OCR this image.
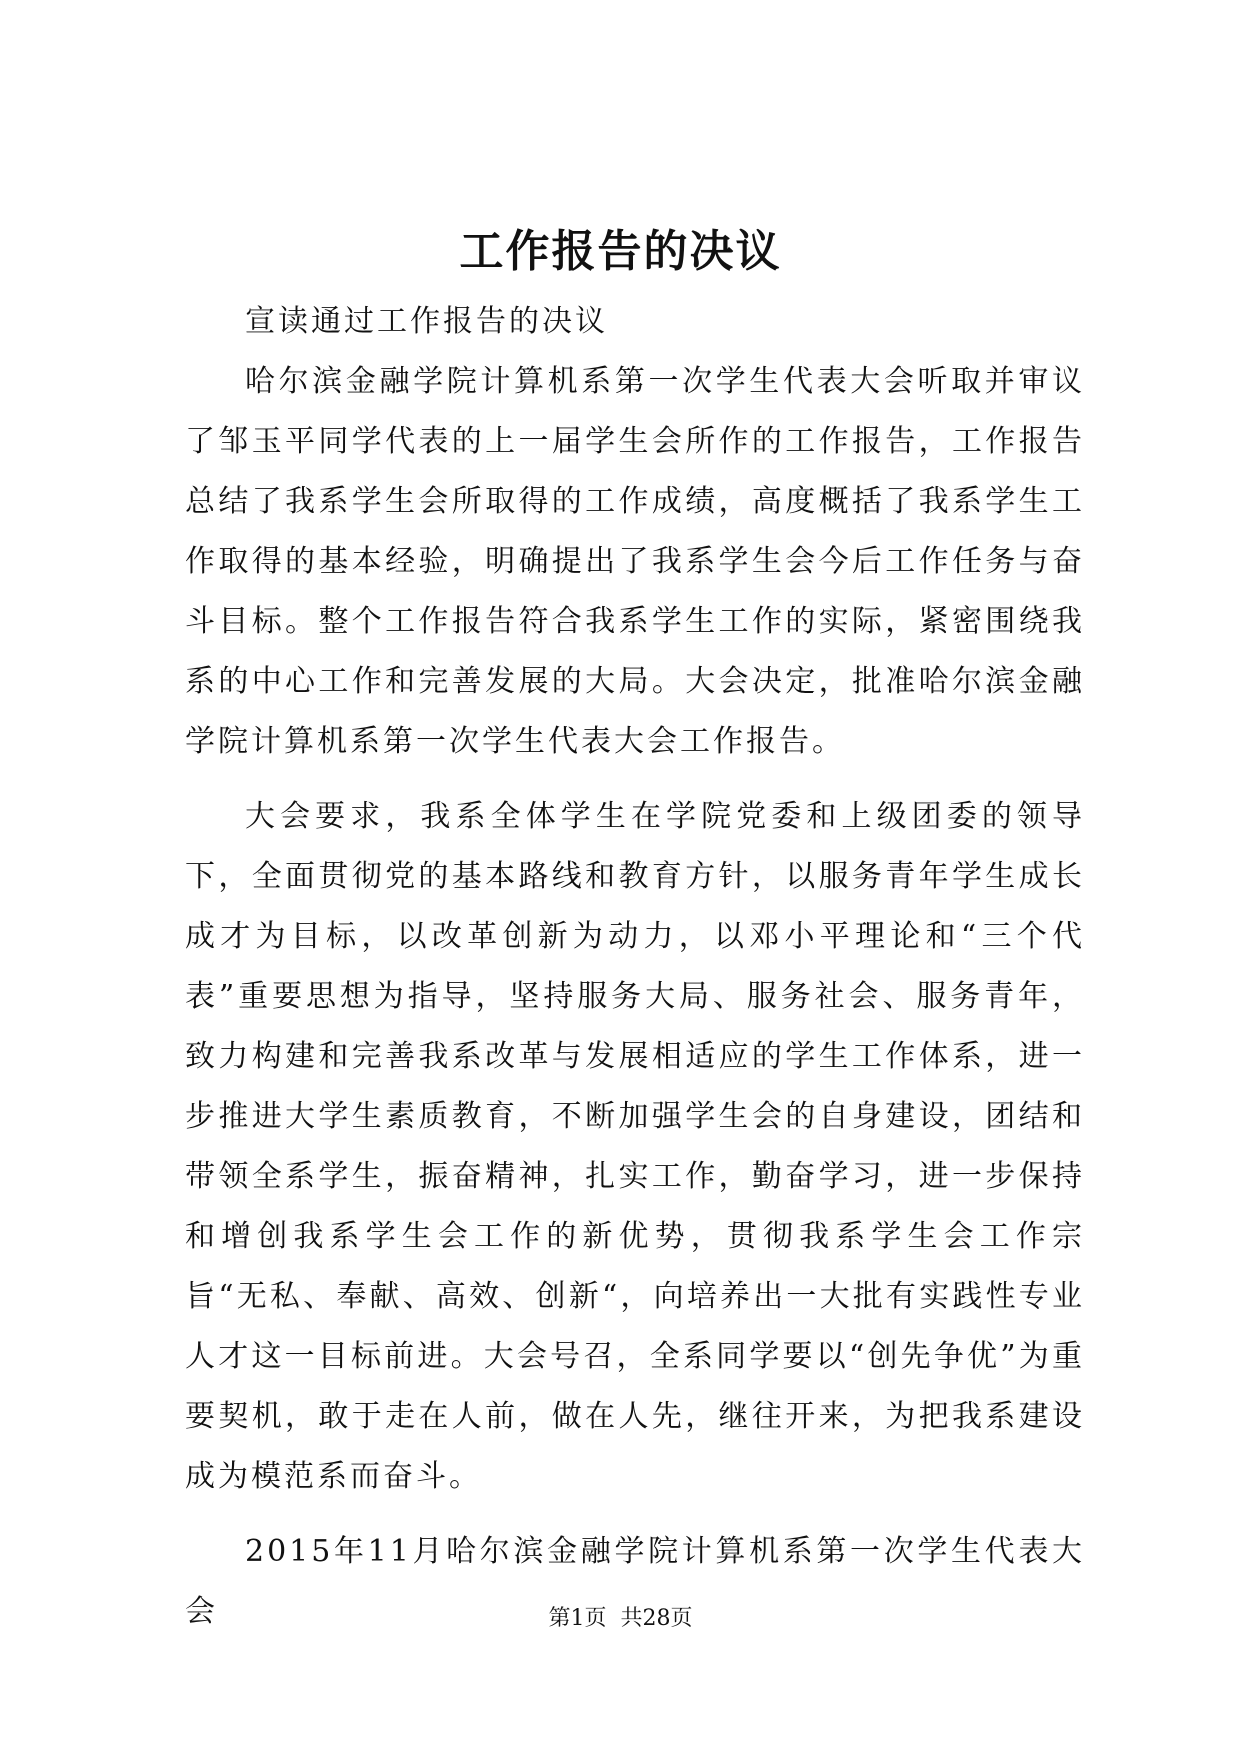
工作报告的决议

宣读通过工作报告的决议

哈尔滨金融学院计算机系第一次学生代表大会听取并审议了邹玉平同学代表的上一届学生会所作的工作报告，工作报告总结了我系学生会所取得的工作成绩，高度概括了我系学生工作取得的基本经验，明确提出了我系学生会今后工作任务与奋斗目标。整个工作报告符合我系学生工作的实际，紧密围绕我系的中心工作和完善发展的大局。大会决定，批准哈尔滨金融学院计算机系第一次学生代表大会工作报告。

大会要求，我系全体学生在学院党委和上级团委的领导下，全面贯彻党的基本路线和教育方针，以服务青年学生成长成才为目标，以改革创新为动力，以邓小平理论和“三个代表”重要思想为指导，坚持服务大局、服务社会、服务青年，致力构建和完善我系改革与发展相适应的学生工作体系，进一步推进大学生素质教育，不断加强学生会的自身建设，团结和带领全系学生，振奋精神，扎实工作，勤奋学习，进一步保持和增创我系学生会工作的新优势，贯彻我系学生会工作宗旨“无私、奉献、高效、创新“，向培养出一大批有实践性专业人才这一目标前进。大会号召，全系同学要以“创先争优”为重要契机，敢于走在人前，做在人先，继往开来，为把我系建设成为模范系而奋斗。

2015年11月哈尔滨金融学院计算机系第一次学生代表大会	第1页  共28页
